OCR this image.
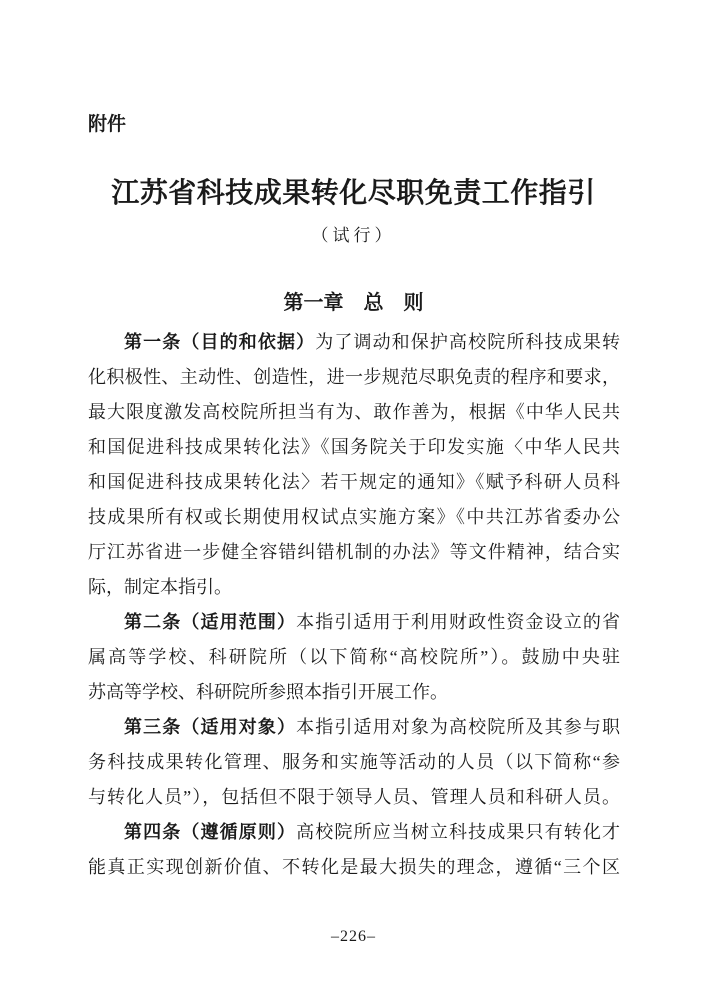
附件
江苏省科技成果转化尽职免责工作指引
（试行）
第一章　总　则
第一条（目的和依据）为了调动和保护高校院所科技成果转
化积极性、主动性、创造性，进一步规范尽职免责的程序和要求，
最大限度激发高校院所担当有为、敢作善为，根据《中华人民共
和国促进科技成果转化法》《国务院关于印发实施〈中华人民共
和国促进科技成果转化法〉若干规定的通知》《赋予科研人员科
技成果所有权或长期使用权试点实施方案》《中共江苏省委办公
厅江苏省进一步健全容错纠错机制的办法》等文件精神，结合实
际，制定本指引。
第二条（适用范围）本指引适用于利用财政性资金设立的省
属高等学校、科研院所（以下简称“高校院所”）。鼓励中央驻
苏高等学校、科研院所参照本指引开展工作。
第三条（适用对象）本指引适用对象为高校院所及其参与职
务科技成果转化管理、服务和实施等活动的人员（以下简称“参
与转化人员”），包括但不限于领导人员、管理人员和科研人员。
第四条（遵循原则）高校院所应当树立科技成果只有转化才
能真正实现创新价值、不转化是最大损失的理念，遵循“三个区
–226–
